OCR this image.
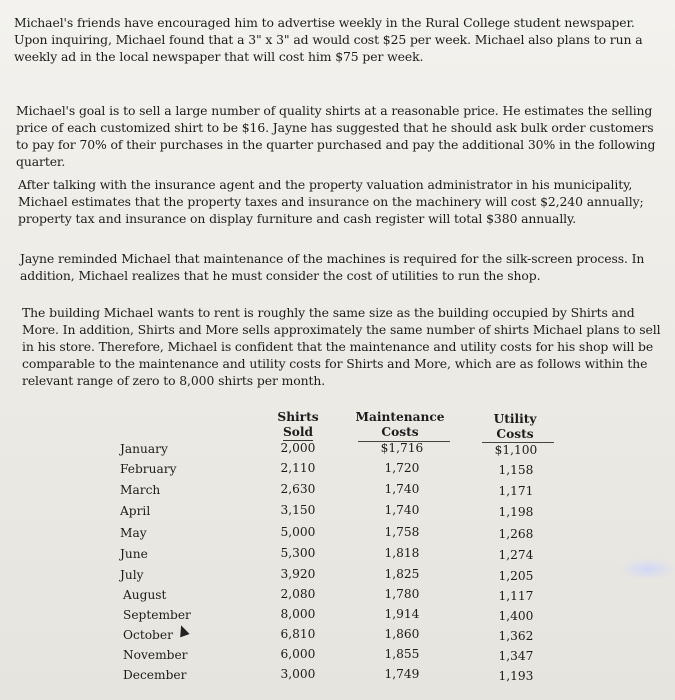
Michael's friends have encouraged him to advertise weekly in the Rural College student newspaper. Upon inquiring, Michael found that a 3" x 3" ad would cost $25 per week. Michael also plans to run a weekly ad in the local newspaper that will cost him $75 per week.

Michael's goal is to sell a large number of quality shirts at a reasonable price. He estimates the selling price of each customized shirt to be $16. Jayne has suggested that he should ask bulk order customers to pay for 70% of their purchases in the quarter purchased and pay the additional 30% in the following quarter.

After talking with the insurance agent and the property valuation administrator in his municipality, Michael estimates that the property taxes and insurance on the machinery will cost $2,240 annually; property tax and insurance on display furniture and cash register will total $380 annually.

Jayne reminded Michael that maintenance of the machines is required for the silk-screen process. In addition, Michael realizes that he must consider the cost of utilities to run the shop.

The building Michael wants to rent is roughly the same size as the building occupied by Shirts and More. In addition, Shirts and More sells approximately the same number of shirts Michael plans to sell in his store. Therefore, Michael is confident that the maintenance and utility costs for his shop will be comparable to the maintenance and utility costs for Shirts and More, which are as follows within the relevant range of zero to 8,000 shirts per month.

Shirts
Sold
Maintenance
Costs
Utility
Costs
January	2,000	$1,716	$1,100
February	2,110	1,720	1,158
March	2,630	1,740	1,171
April	3,150	1,740	1,198
May	5,000	1,758	1,268
June	5,300	1,818	1,274
July	3,920	1,825	1,205
August	2,080	1,780	1,117
September	8,000	1,914	1,400
October	6,810	1,860	1,362
November	6,000	1,855	1,347
December	3,000	1,749	1,193
